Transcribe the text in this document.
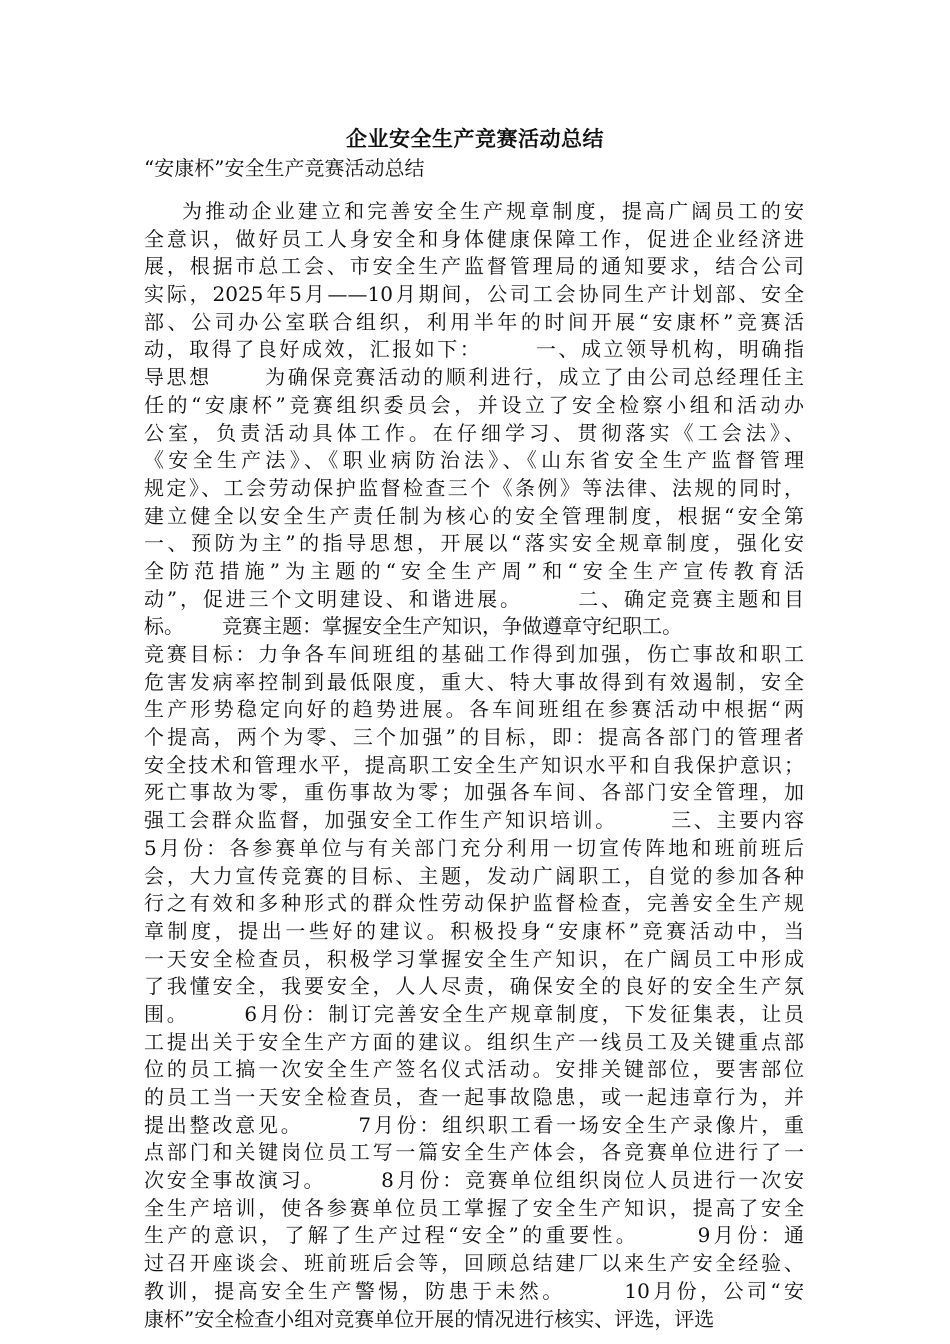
企业安全生产竞赛活动总结
“安康杯”安全生产竞赛活动总结
为推动企业建立和完善安全生产规章制度，提高广阔员工的安
全意识，做好员工人身安全和身体健康保障工作，促进企业经济进
展，根据市总工会、市安全生产监督管理局的通知要求，结合公司
实际，2025年5月——10月期间，公司工会协同生产计划部、安全
部、公司办公室联合组织，利用半年的时间开展“安康杯”竞赛活
动，取得了良好成效，汇报如下：      一、成立领导机构，明确指
导思想      为确保竞赛活动的顺利进行，成立了由公司总经理任主
任的“安康杯”竞赛组织委员会，并设立了安全检察小组和活动办
公室，负责活动具体工作。在仔细学习、贯彻落实《工会法》、
《安全生产法》、《职业病防治法》、《山东省安全生产监督管理
规定》、工会劳动保护监督检查三个《条例》等法律、法规的同时，
建立健全以安全生产责任制为核心的安全管理制度，根据“安全第
一、预防为主”的指导思想，开展以“落实安全规章制度，强化安
全防范措施”为主题的“安全生产周”和“安全生产宣传教育活
动”，促进三个文明建设、和谐进展。      二、确定竞赛主题和目
标。      竞赛主题：掌握安全生产知识，争做遵章守纪职工。
竞赛目标：力争各车间班组的基础工作得到加强，伤亡事故和职工
危害发病率控制到最低限度，重大、特大事故得到有效遏制，安全
生产形势稳定向好的趋势进展。各车间班组在参赛活动中根据“两
个提高，两个为零、三个加强”的目标，即：提高各部门的管理者
安全技术和管理水平，提高职工安全生产知识水平和自我保护意识；
死亡事故为零，重伤事故为零；加强各车间、各部门安全管理，加
强工会群众监督，加强安全工作生产知识培训。      三、主要内容
5月份：各参赛单位与有关部门充分利用一切宣传阵地和班前班后
会，大力宣传竞赛的目标、主题，发动广阔职工，自觉的参加各种
行之有效和多种形式的群众性劳动保护监督检查，完善安全生产规
章制度，提出一些好的建议。积极投身“安康杯”竞赛活动中，当
一天安全检查员，积极学习掌握安全生产知识，在广阔员工中形成
了我懂安全，我要安全，人人尽责，确保安全的良好的安全生产氛
围。      6月份：制订完善安全生产规章制度，下发征集表，让员
工提出关于安全生产方面的建议。组织生产一线员工及关键重点部
位的员工搞一次安全生产签名仪式活动。安排关键部位，要害部位
的员工当一天安全检查员，查一起事故隐患，或一起违章行为，并
提出整改意见。      7月份：组织职工看一场安全生产录像片，重
点部门和关键岗位员工写一篇安全生产体会，各竞赛单位进行了一
次安全事故演习。      8月份：竞赛单位组织岗位人员进行一次安
全生产培训，使各参赛单位员工掌握了安全生产知识，提高了安全
生产的意识，了解了生产过程“安全”的重要性。      9月份：通
过召开座谈会、班前班后会等，回顾总结建厂以来生产安全经验、
教训，提高安全生产警惕，防患于未然。      10月份，公司“安
康杯”安全检查小组对竞赛单位开展的情况进行核实、评选，评选
